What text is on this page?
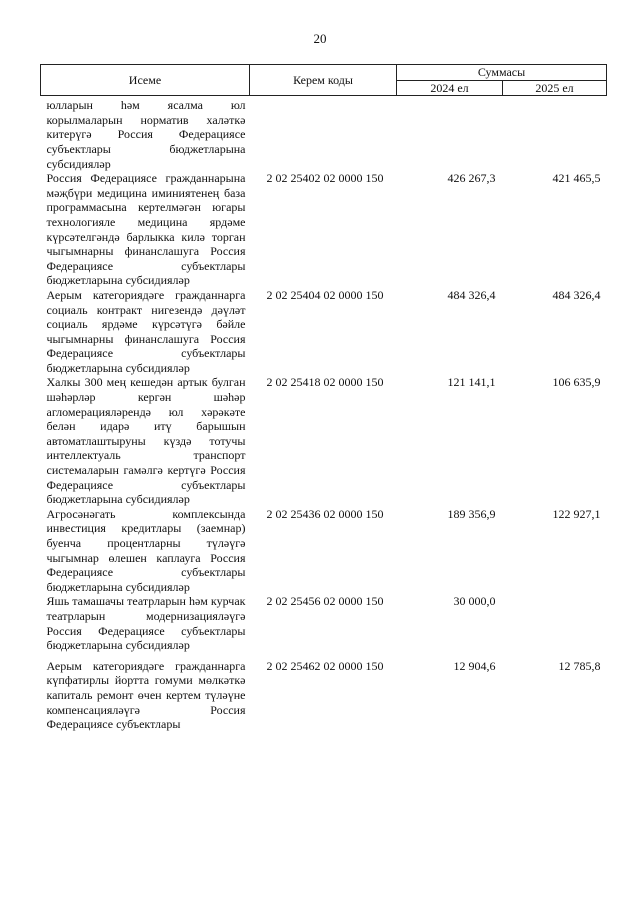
20
Исеме	Керем коды	Суммасы	
		2024 ел	2025 ел
юлларын һәм ясалма юл корылмаларын норматив халәткә китерүгә Россия Федерациясе субъектлары бюджетларына субсидияләр			
Россия Федерациясе гражданнарына мәҗбүри медицина иминиятенең база программасына кертелмәгән югары технологияле медицина ярдәме күрсәтелгәндә барлыкка килә торган чыгымнарны финанслашуга Россия Федерациясе субъектлары бюджетларына субсидияләр	2 02 25402 02 0000 150	426 267,3	421 465,5
Аерым категориядәге гражданнарга социаль контракт нигезендә дәүләт социаль ярдәме күрсәтүгә бәйле чыгымнарны финанслашуга Россия Федерациясе субъектлары бюджетларына субсидияләр	2 02 25404 02 0000 150	484 326,4	484 326,4
Халкы 300 мең кешедән артык булган шәһәрләр кергән шәһәр агломерацияләрендә юл хәрәкәте белән идарә итү барышын автоматлаштыруны күздә тотучы интеллектуаль транспорт системаларын гамәлгә кертүгә Россия Федерациясе субъектлары бюджетларына субсидияләр	2 02 25418 02 0000 150	121 141,1	106 635,9
Агросәнәгать комплексында инвестиция кредитлары (заемнар) буенча процентларны түләүгә чыгымнар өлешен каплауга Россия Федерациясе субъектлары бюджетларына субсидияләр	2 02 25436 02 0000 150	189 356,9	122 927,1
Яшь тамашачы театрларын һәм курчак театрларын модернизацияләүгә Россия Федерациясе субъектлары бюджетларына субсидияләр	2 02 25456 02 0000 150	30 000,0	
Аерым категориядәге гражданнарга күпфатирлы йортта гомуми мөлкәткә капиталь ремонт өчен кертем түләүне компенсацияләүгә Россия Федерациясе субъектлары	2 02 25462 02 0000 150	12 904,6	12 785,8
